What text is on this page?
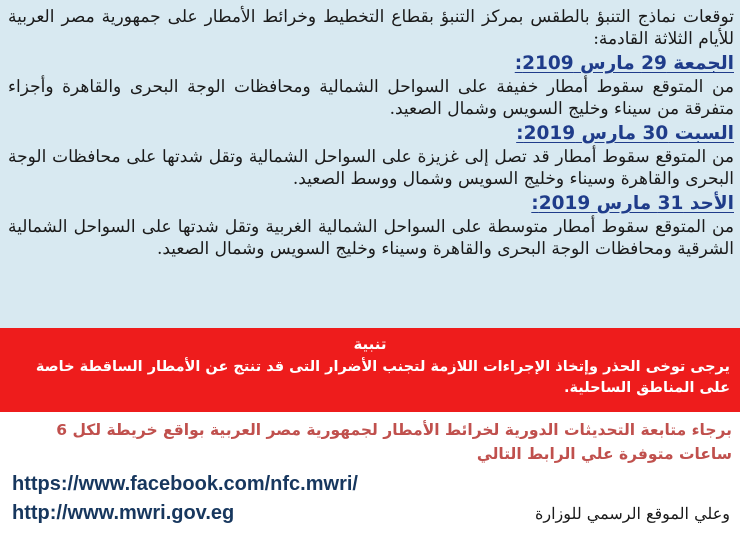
توقعات نماذج التنبؤ بالطقس بمركز التنبؤ بقطاع التخطيط وخرائط الأمطار على جمهورية مصر العربية للأيام الثلاثة القادمة:

الجمعة 29 مارس 2109:

من المتوقع سقوط أمطار خفيفة على السواحل الشمالية ومحافظات الوجة البحرى والقاهرة وأجزاء متفرقة من سيناء وخليج السويس وشمال الصعيد.

السبت 30 مارس 2019:

من المتوقع سقوط أمطار قد تصل إلى غزيزة على السواحل الشمالية وتقل شدتها على محافظات الوجة البحرى والقاهرة وسيناء وخليج السويس وشمال ووسط الصعيد.

الأحد 31 مارس 2019:

من المتوقع سقوط أمطار متوسطة على السواحل الشمالية الغربية وتقل شدتها على السواحل الشمالية الشرقية ومحافظات الوجة البحرى والقاهرة وسيناء وخليج السويس وشمال الصعيد.

تنبية

يرجى توخى الحذر وإتخاذ الإجراءات اللازمة لتجنب الأضرار التى قد تنتج عن الأمطار الساقطة خاصة على المناطق الساحلية.

برجاء متابعة التحديثات الدورية لخرائط الأمطار لجمهورية مصر العربية بواقع خريطة لكل 6 ساعات متوفرة علي الرابط التالي

https://www.facebook.com/nfc.mwri/
http://www.mwri.gov.eg	وعلي الموقع الرسمي للوزارة
